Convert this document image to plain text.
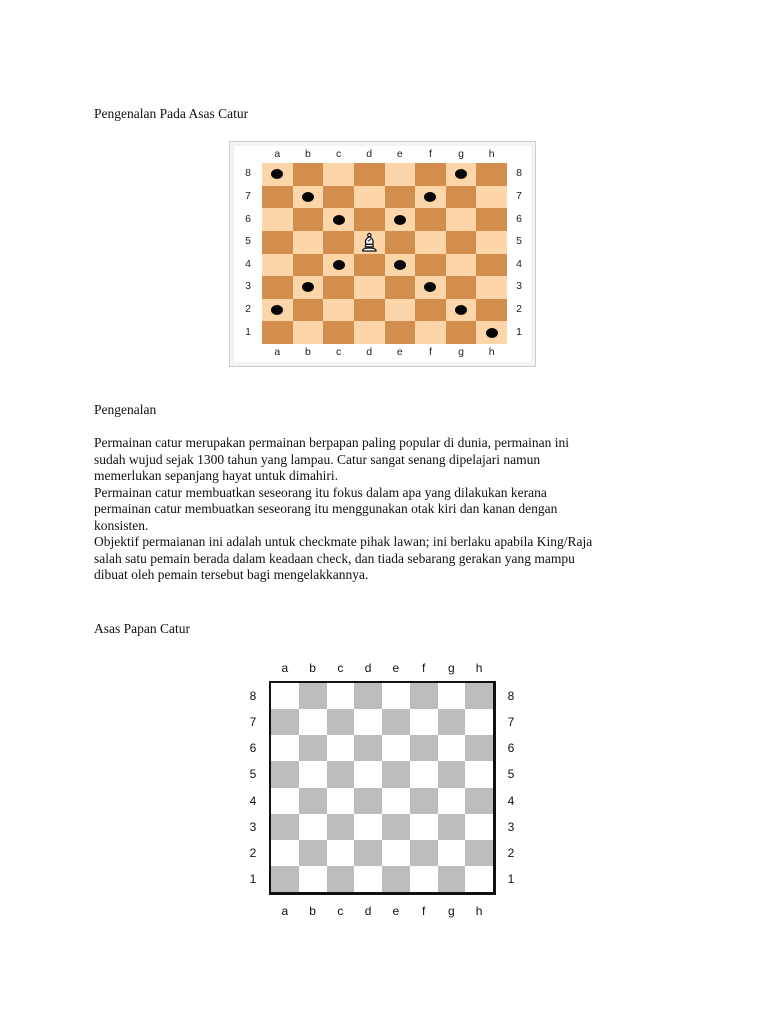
Pengenalan Pada Asas Catur
a
a
b
b
c
c
d
d
e
e
f
f
g
g
h
h
8	8
7	7
6	6
5	5
4	4
3	3
2	2
1	1
Pengenalan
Permainan catur merupakan permainan berpapan paling popular di dunia, permainan ini
sudah wujud sejak 1300 tahun yang lampau. Catur sangat senang dipelajari namun
memerlukan sepanjang hayat untuk dimahiri.
Permainan catur membuatkan seseorang itu fokus dalam apa yang dilakukan kerana
permainan catur membuatkan seseorang itu menggunakan otak kiri dan kanan dengan
konsisten.
Objektif permaianan ini adalah untuk checkmate pihak lawan; ini berlaku apabila King/Raja
salah satu pemain berada dalam keadaan check, dan tiada sebarang gerakan yang mampu
dibuat oleh pemain tersebut bagi mengelakkannya.
Asas Papan Catur
a
a
b
b
c
c
d
d
e
e
f
f
g
g
h
h
8	8
7	7
6	6
5	5
4	4
3	3
2	2
1	1
